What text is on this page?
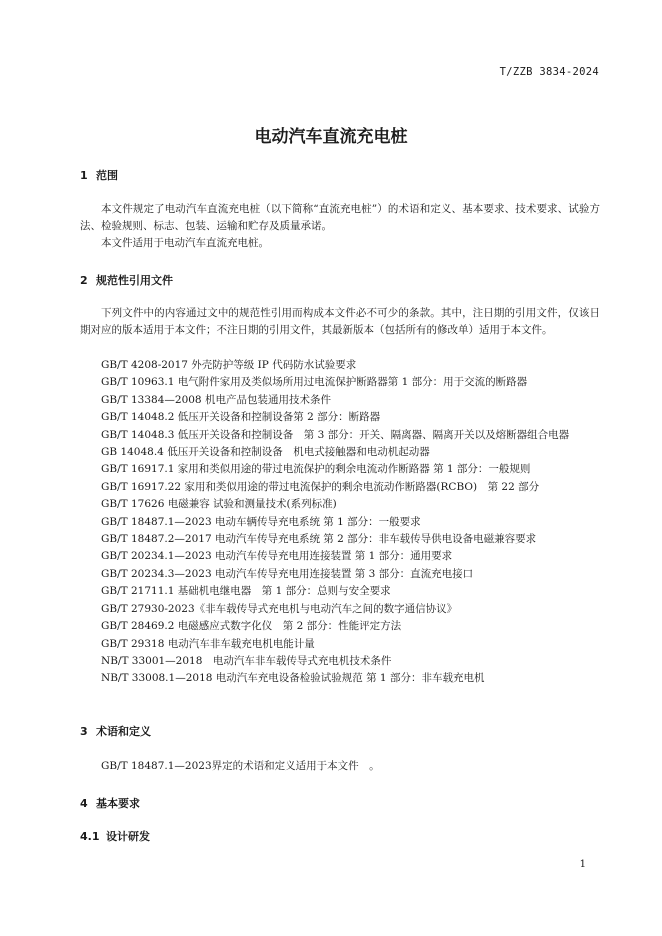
T/ZZB 3834-2024
电动汽车直流充电桩
1 范围

本文件规定了电动汽车直流充电桩（以下简称“直流充电桩”）的术语和定义、基本要求、技术要求、试验方法、检验规则、标志、包装、运输和贮存及质量承诺。

本文件适用于电动汽车直流充电桩。

2 规范性引用文件

下列文件中的内容通过文中的规范性引用而构成本文件必不可少的条款。其中，注日期的引用文件，仅该日期对应的版本适用于本文件；不注日期的引用文件，其最新版本（包括所有的修改单）适用于本文件。

GB/T 4208-2017 外壳防护等级 IP 代码防水试验要求
GB/T 10963.1 电气附件家用及类似场所用过电流保护断路器第 1 部分：用于交流的断路器
GB/T 13384—2008 机电产品包装通用技术条件
GB/T 14048.2 低压开关设备和控制设备第 2 部分：断路器
GB/T 14048.3 低压开关设备和控制设备　第 3 部分：开关、隔离器、隔离开关以及熔断器组合电器
GB 14048.4 低压开关设备和控制设备　机电式接触器和电动机起动器
GB/T 16917.1 家用和类似用途的带过电流保护的剩余电流动作断路器 第 1 部分：一般规则
GB/T 16917.22 家用和类似用途的带过电流保护的剩余电流动作断路器(RCBO)　第 22 部分
GB/T 17626 电磁兼容 试验和测量技术(系列标准)
GB/T 18487.1—2023 电动车辆传导充电系统 第 1 部分：一般要求
GB/T 18487.2—2017 电动汽车传导充电系统 第 2 部分：非车载传导供电设备电磁兼容要求
GB/T 20234.1—2023 电动汽车传导充电用连接装置 第 1 部分：通用要求
GB/T 20234.3—2023 电动汽车传导充电用连接装置 第 3 部分：直流充电接口
GB/T 21711.1 基础机电继电器　第 1 部分：总则与安全要求
GB/T 27930-2023《非车载传导式充电机与电动汽车之间的数字通信协议》
GB/T 28469.2 电磁感应式数字化仪　第 2 部分：性能评定方法
GB/T 29318 电动汽车非车载充电机电能计量
NB/T 33001—2018　电动汽车非车载传导式充电机技术条件
NB/T 33008.1—2018 电动汽车充电设备检验试验规范 第 1 部分：非车载充电机
3 术语和定义

GB/T 18487.1—2023界定的术语和定义适用于本文件　。

4 基本要求
4.1 设计研发
1
